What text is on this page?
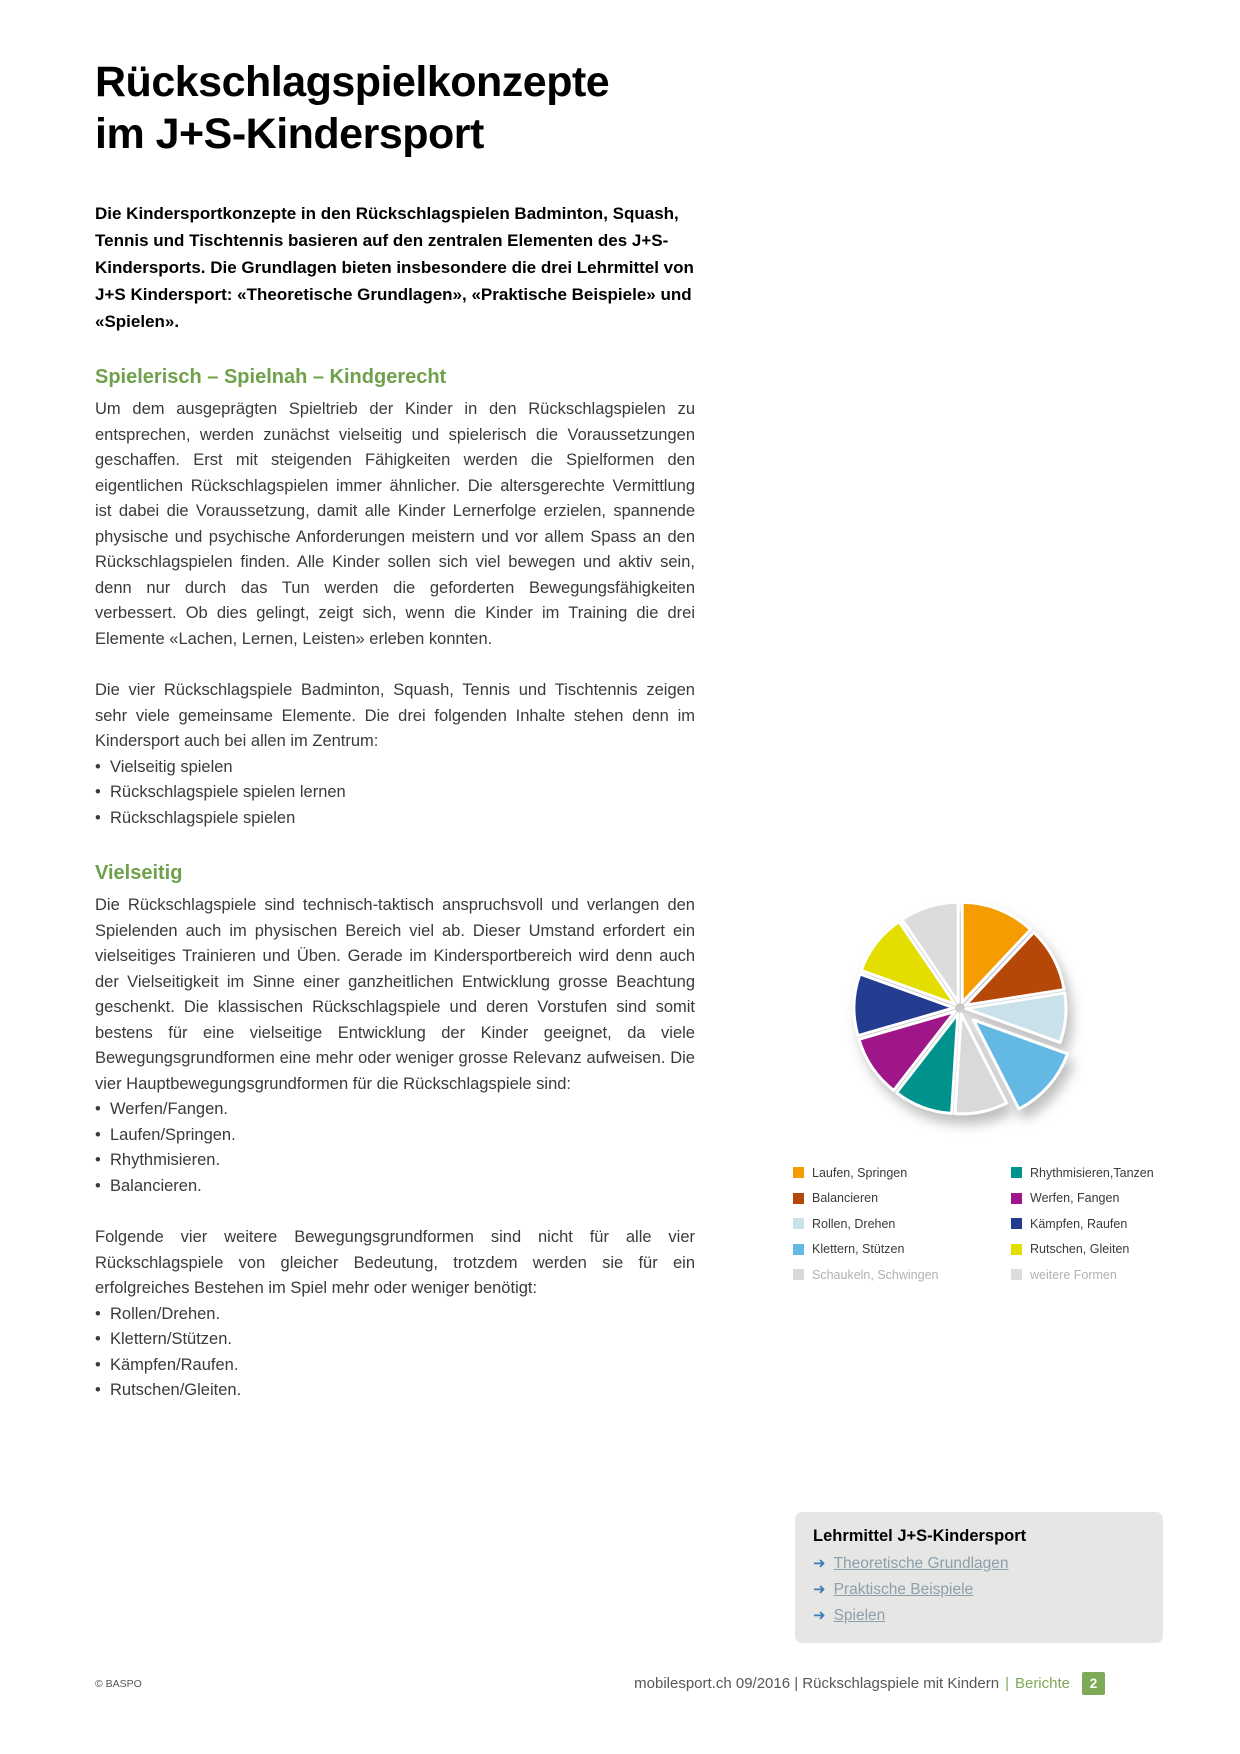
Rückschlagspielkonzepte
im J+S-Kindersport

Die Kindersportkonzepte in den Rückschlagspielen Badminton, Squash, Tennis und Tischtennis basieren auf den zentralen Elementen des J+S-Kindersports. Die Grundlagen bieten insbesondere die drei Lehrmittel von J+S Kindersport: «Theoretische Grundlagen», «Praktische Beispiele» und «Spielen».

Spielerisch – Spielnah – Kindgerecht

Um dem ausgeprägten Spieltrieb der Kinder in den Rückschlagspielen zu entsprechen, werden zunächst vielseitig und spielerisch die Voraussetzungen geschaffen. Erst mit steigenden Fähigkeiten werden die Spielformen den eigentlichen Rückschlagspielen immer ähnlicher. Die altersgerechte Vermittlung ist dabei die Voraussetzung, damit alle Kinder Lernerfolge erzielen, spannende physische und psychische Anforderungen meistern und vor allem Spass an den Rückschlagspielen finden. Alle Kinder sollen sich viel bewegen und aktiv sein, denn nur durch das Tun werden die geforderten Bewegungsfähigkeiten verbessert. Ob dies gelingt, zeigt sich, wenn die Kinder im Training die drei Elemente «Lachen, Lernen, Leisten» erleben konnten.

Die vier Rückschlagspiele Badminton, Squash, Tennis und Tischtennis zeigen sehr viele gemeinsame Elemente. Die drei folgenden Inhalte stehen denn im Kindersport auch bei allen im Zentrum:

• Vielseitig spielen
• Rückschlagspiele spielen lernen
• Rückschlagspiele spielen
Vielseitig

Die Rückschlagspiele sind technisch-taktisch anspruchsvoll und verlangen den Spielenden auch im physischen Bereich viel ab. Dieser Umstand erfordert ein vielseitiges Trainieren und Üben. Gerade im Kindersportbereich wird denn auch der Vielseitigkeit im Sinne einer ganzheitlichen Entwicklung grosse Beachtung geschenkt. Die klassischen Rückschlagspiele und deren Vorstufen sind somit bestens für eine vielseitige Entwicklung der Kinder geeignet, da viele Bewegungsgrundformen eine mehr oder weniger grosse Relevanz aufweisen. Die vier Hauptbewegungsgrundformen für die Rückschlagspiele sind:

• Werfen/Fangen.
• Laufen/Springen.
• Rhythmisieren.
• Balancieren.

Folgende vier weitere Bewegungsgrundformen sind nicht für alle vier Rückschlagspiele von gleicher Bedeutung, trotzdem werden sie für ein erfolgreiches Bestehen im Spiel mehr oder weniger benötigt:

• Rollen/Drehen.
• Klettern/Stützen.
• Kämpfen/Raufen.
• Rutschen/Gleiten.
Laufen, Springen
Balancieren
Rollen, Drehen
Klettern, Stützen
Schaukeln, Schwingen
Rhythmisieren,Tanzen
Werfen, Fangen
Kämpfen, Raufen
Rutschen, Gleiten
weitere Formen
Lehrmittel J+S-Kindersport
➜ Theoretische Grundlagen
➜ Praktische Beispiele
➜ Spielen
© BASPO	mobilesport.ch 09/2016 | Rückschlagspiele mit Kindern | Berichte	2
